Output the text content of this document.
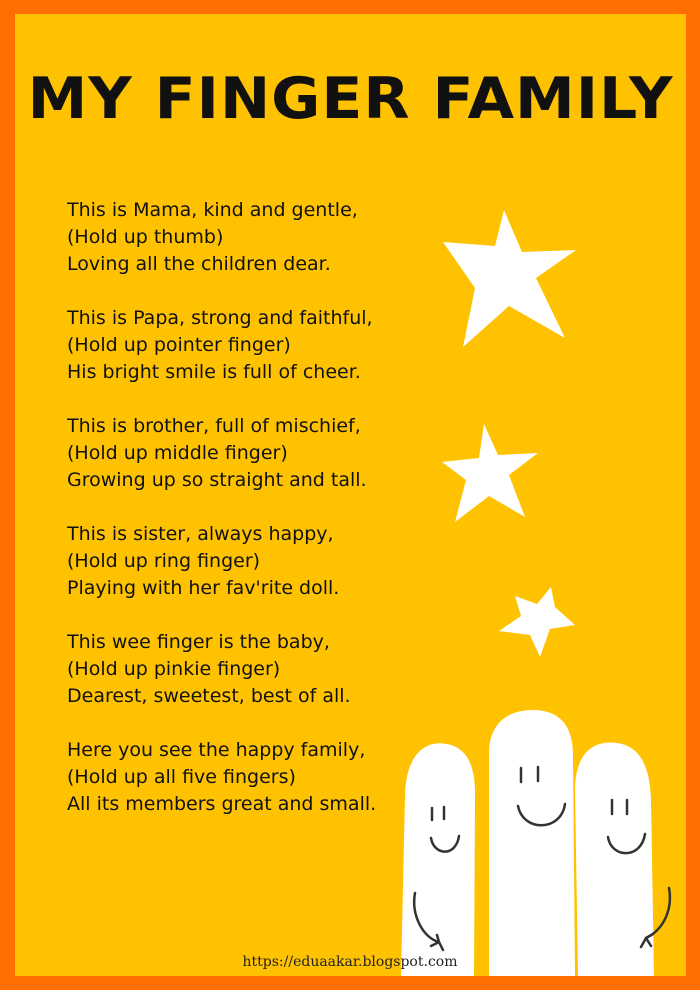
MY FINGER FAMILY
This is Mama, kind and gentle,
(Hold up thumb)
Loving all the children dear.
This is Papa, strong and faithful,
(Hold up pointer finger)
His bright smile is full of cheer.
This is brother, full of mischief,
(Hold up middle finger)
Growing up so straight and tall.
This is sister, always happy,
(Hold up ring finger)
Playing with her fav'rite doll.
This wee finger is the baby,
(Hold up pinkie finger)
Dearest, sweetest, best of all.
Here you see the happy family,
(Hold up all five fingers)
All its members great and small.
https://eduaakar.blogspot.com
